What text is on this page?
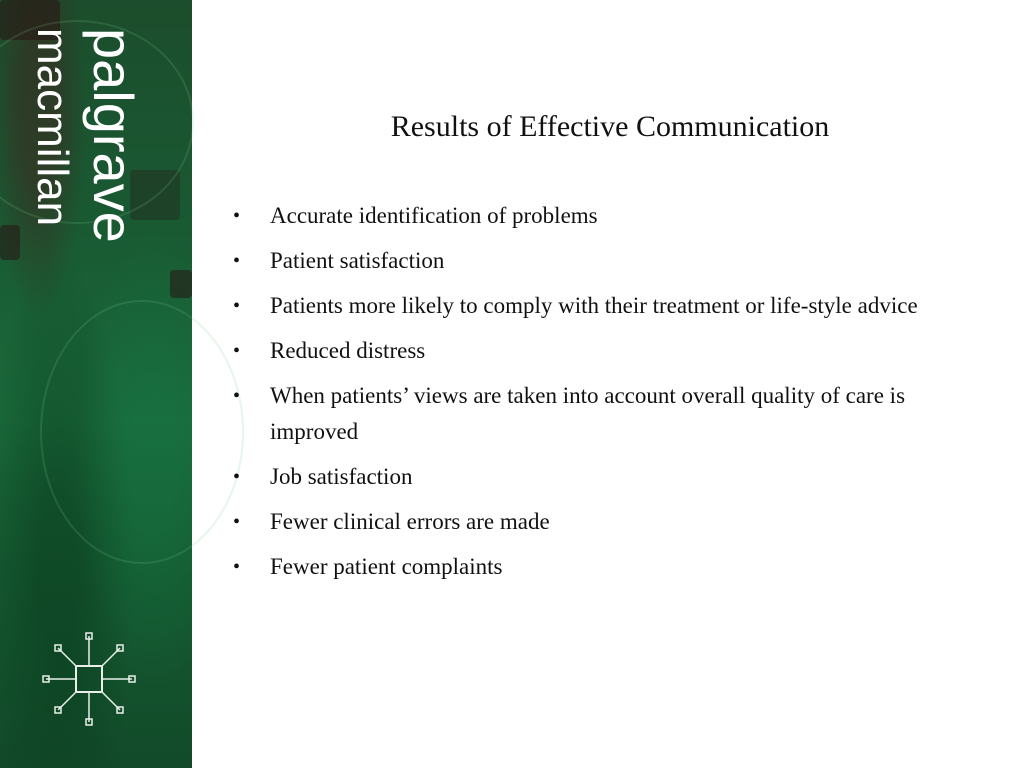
palgrave
macmillan	Results of Effective Communication
• Accurate identification of problems
• Patient satisfaction
• Patients more likely to comply with their treatment or life-style advice
• Reduced distress
• When patients’ views are taken into account overall quality of care is improved
• Job satisfaction
• Fewer clinical errors are made
• Fewer patient complaints
